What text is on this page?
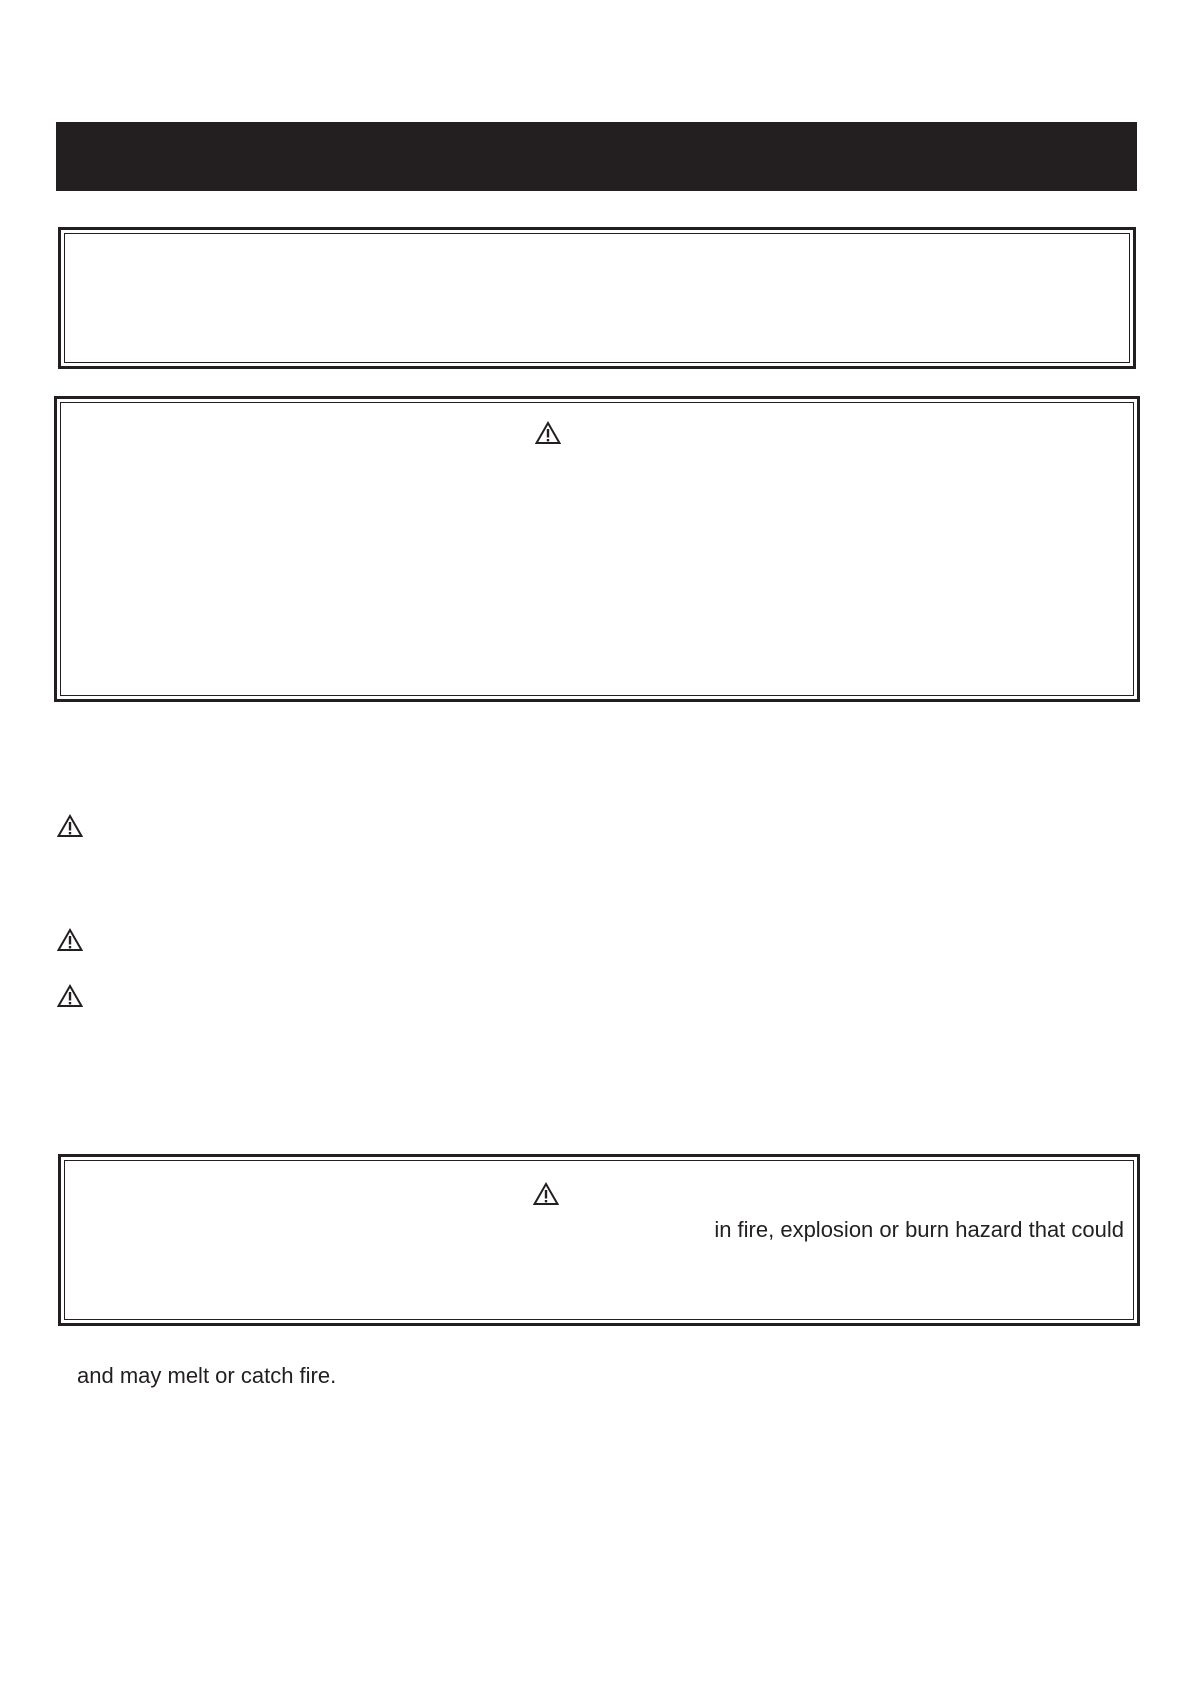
in fire, explosion or burn hazard that could
and may melt or catch fire.
